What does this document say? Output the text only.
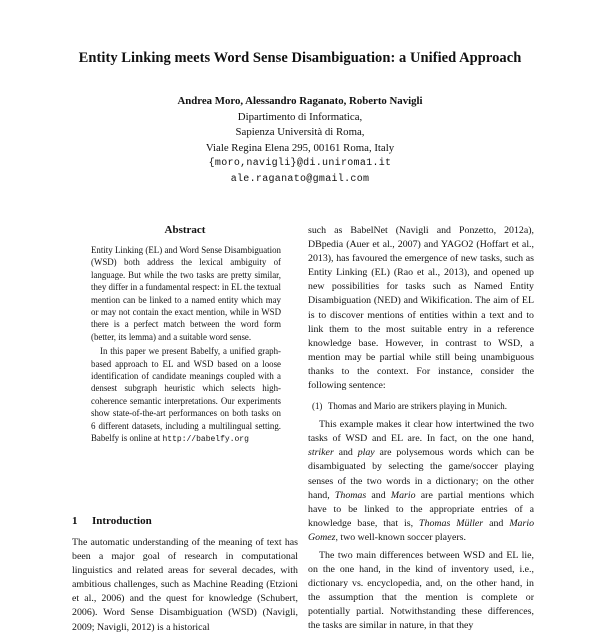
Entity Linking meets Word Sense Disambiguation: a Unified Approach
Andrea Moro, Alessandro Raganato, Roberto Navigli
Dipartimento di Informatica,
Sapienza Università di Roma,
Viale Regina Elena 295, 00161 Roma, Italy
{moro,navigli}@di.uniroma1.it
ale.raganato@gmail.com
Abstract

Entity Linking (EL) and Word Sense Disambiguation (WSD) both address the lexical ambiguity of language. But while the two tasks are pretty similar, they differ in a fundamental respect: in EL the textual mention can be linked to a named entity which may or may not contain the exact mention, while in WSD there is a perfect match between the word form (better, its lemma) and a suitable word sense.

In this paper we present Babelfy, a unified graph-based approach to EL and WSD based on a loose identification of candidate meanings coupled with a densest subgraph heuristic which selects high-coherence semantic interpretations. Our experiments show state-of-the-art performances on both tasks on 6 different datasets, including a multilingual setting. Babelfy is online at http://babelfy.org

1 Introduction
The automatic understanding of the meaning of text has been a major goal of research in computational linguistics and related areas for several decades, with ambitious challenges, such as Machine Reading (Etzioni et al., 2006) and the quest for knowledge (Schubert, 2006). Word Sense Disambiguation (WSD) (Navigli, 2009; Navigli, 2012) is a historical

such as BabelNet (Navigli and Ponzetto, 2012a), DBpedia (Auer et al., 2007) and YAGO2 (Hoffart et al., 2013), has favoured the emergence of new tasks, such as Entity Linking (EL) (Rao et al., 2013), and opened up new possibilities for tasks such as Named Entity Disambiguation (NED) and Wikification. The aim of EL is to discover mentions of entities within a text and to link them to the most suitable entry in a reference knowledge base. However, in contrast to WSD, a mention may be partial while still being unambiguous thanks to the context. For instance, consider the following sentence:

(1) Thomas and Mario are strikers playing in Munich.

This example makes it clear how intertwined the two tasks of WSD and EL are. In fact, on the one hand, striker and play are polysemous words which can be disambiguated by selecting the game/soccer playing senses of the two words in a dictionary; on the other hand, Thomas and Mario are partial mentions which have to be linked to the appropriate entries of a knowledge base, that is, Thomas Müller and Mario Gomez, two well-known soccer players.

The two main differences between WSD and EL lie, on the one hand, in the kind of inventory used, i.e., dictionary vs. encyclopedia, and, on the other hand, in the assumption that the mention is complete or potentially partial. Notwithstanding these differences, the tasks are similar in nature, in that they
